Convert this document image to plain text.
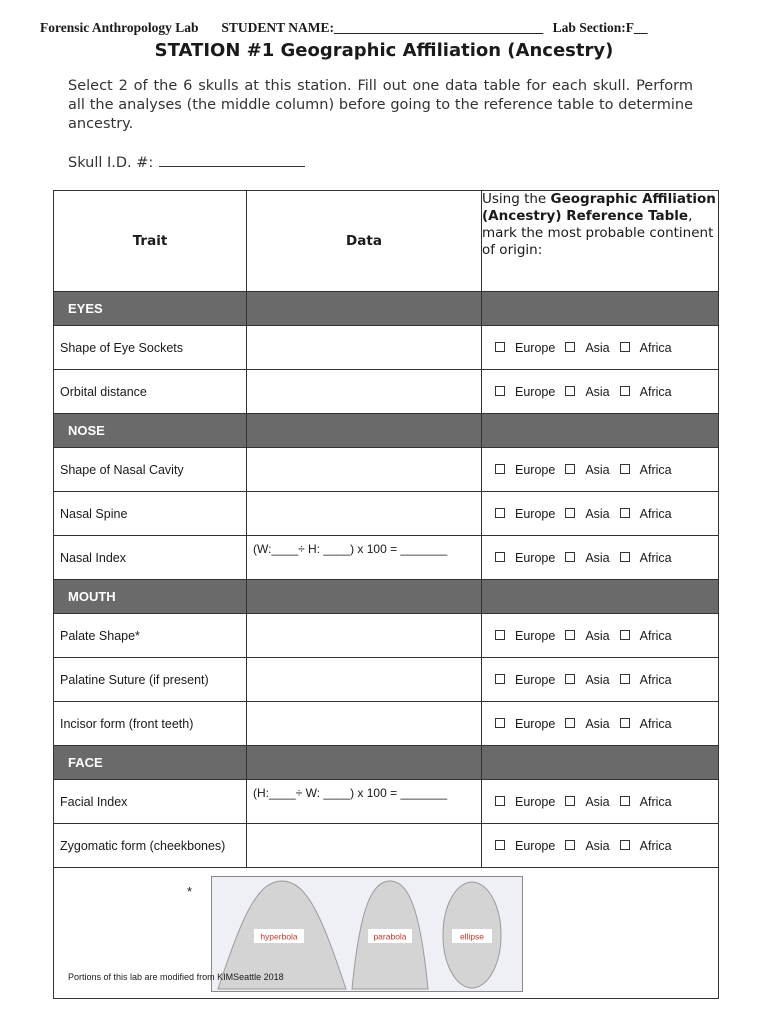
Forensic Anthropology Lab STUDENT NAME:_______________________________ Lab Section:F__
STATION #1 Geographic Affiliation (Ancestry)
Select 2 of the 6 skulls at this station. Fill out one data table for each skull. Perform all the analyses (the middle column) before going to the reference table to determine ancestry.
Skull I.D. #:
Trait	Data	Using the Geographic Affiliation (Ancestry) Reference Table, mark the most probable continent of origin:
EYES		
Shape of Eye Sockets		Europe Asia Africa

Orbital distance		Europe Asia Africa

NOSE		
Shape of Nasal Cavity		Europe Asia Africa

Nasal Spine		Europe Asia Africa

Nasal Index	(W:____÷ H: ____) x 100 = _______	Europe Asia Africa

MOUTH		
Palate Shape*		Europe Asia Africa

Palatine Suture (if present)		Europe Asia Africa

Incisor form (front teeth)		Europe Asia Africa

FACE		
Facial Index	(H:____÷ W: ____) x 100 = _______	Europe Asia Africa

Zygomatic form (cheekbones)		Europe Asia Africa

*
hyperbola parabola ellipse		
Portions of this lab are modified from KIMSeattle 2018
